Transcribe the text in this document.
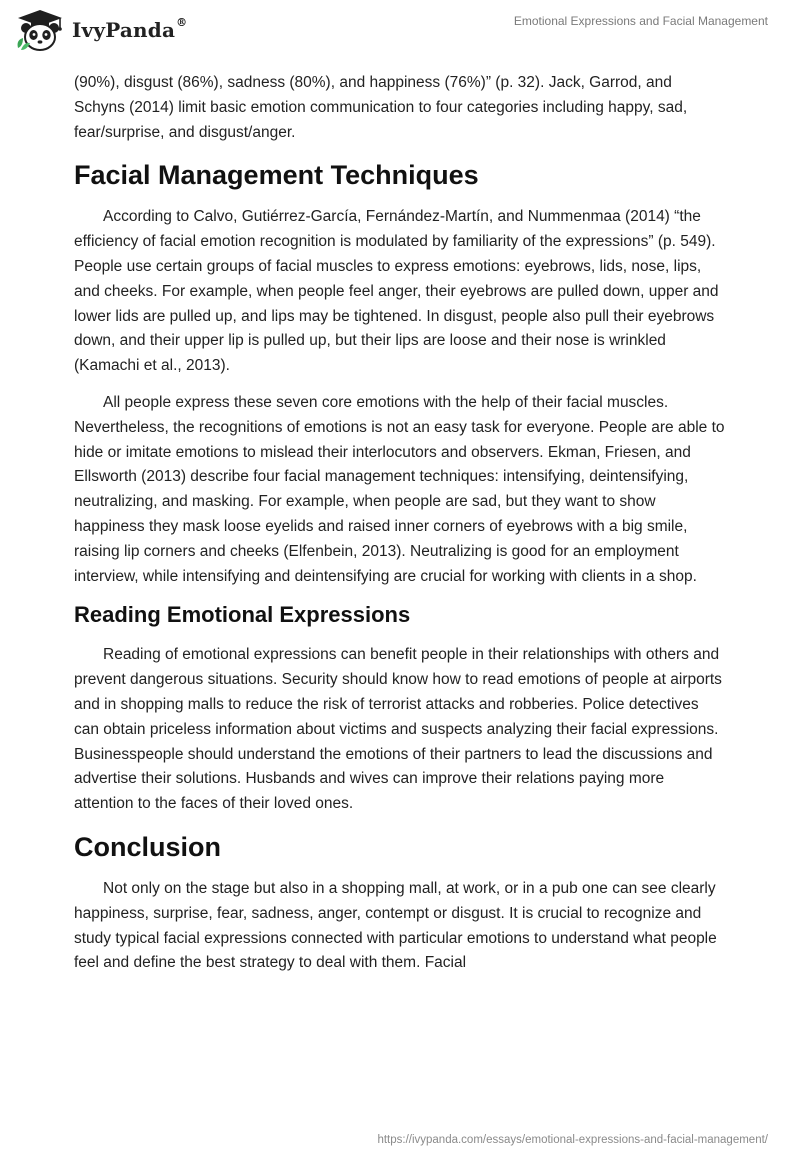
IvyPanda®	Emotional Expressions and Facial Management

(90%), disgust (86%), sadness (80%), and happiness (76%)” (p. 32). Jack, Garrod, and Schyns (2014) limit basic emotion communication to four categories including happy, sad, fear/surprise, and disgust/anger.

Facial Management Techniques

According to Calvo, Gutiérrez-García, Fernández-Martín, and Nummenmaa (2014) “the efficiency of facial emotion recognition is modulated by familiarity of the expressions” (p. 549). People use certain groups of facial muscles to express emotions: eyebrows, lids, nose, lips, and cheeks. For example, when people feel anger, their eyebrows are pulled down, upper and lower lids are pulled up, and lips may be tightened. In disgust, people also pull their eyebrows down, and their upper lip is pulled up, but their lips are loose and their nose is wrinkled (Kamachi et al., 2013).

All people express these seven core emotions with the help of their facial muscles. Nevertheless, the recognitions of emotions is not an easy task for everyone. People are able to hide or imitate emotions to mislead their interlocutors and observers. Ekman, Friesen, and Ellsworth (2013) describe four facial management techniques: intensifying, deintensifying, neutralizing, and masking. For example, when people are sad, but they want to show happiness they mask loose eyelids and raised inner corners of eyebrows with a big smile, raising lip corners and cheeks (Elfenbein, 2013). Neutralizing is good for an employment interview, while intensifying and deintensifying are crucial for working with clients in a shop.

Reading Emotional Expressions

Reading of emotional expressions can benefit people in their relationships with others and prevent dangerous situations. Security should know how to read emotions of people at airports and in shopping malls to reduce the risk of terrorist attacks and robberies. Police detectives can obtain priceless information about victims and suspects analyzing their facial expressions. Businesspeople should understand the emotions of their partners to lead the discussions and advertise their solutions. Husbands and wives can improve their relations paying more attention to the faces of their loved ones.

Conclusion

Not only on the stage but also in a shopping mall, at work, or in a pub one can see clearly happiness, surprise, fear, sadness, anger, contempt or disgust. It is crucial to recognize and study typical facial expressions connected with particular emotions to understand what people feel and define the best strategy to deal with them. Facial

https://ivypanda.com/essays/emotional-expressions-and-facial-management/
